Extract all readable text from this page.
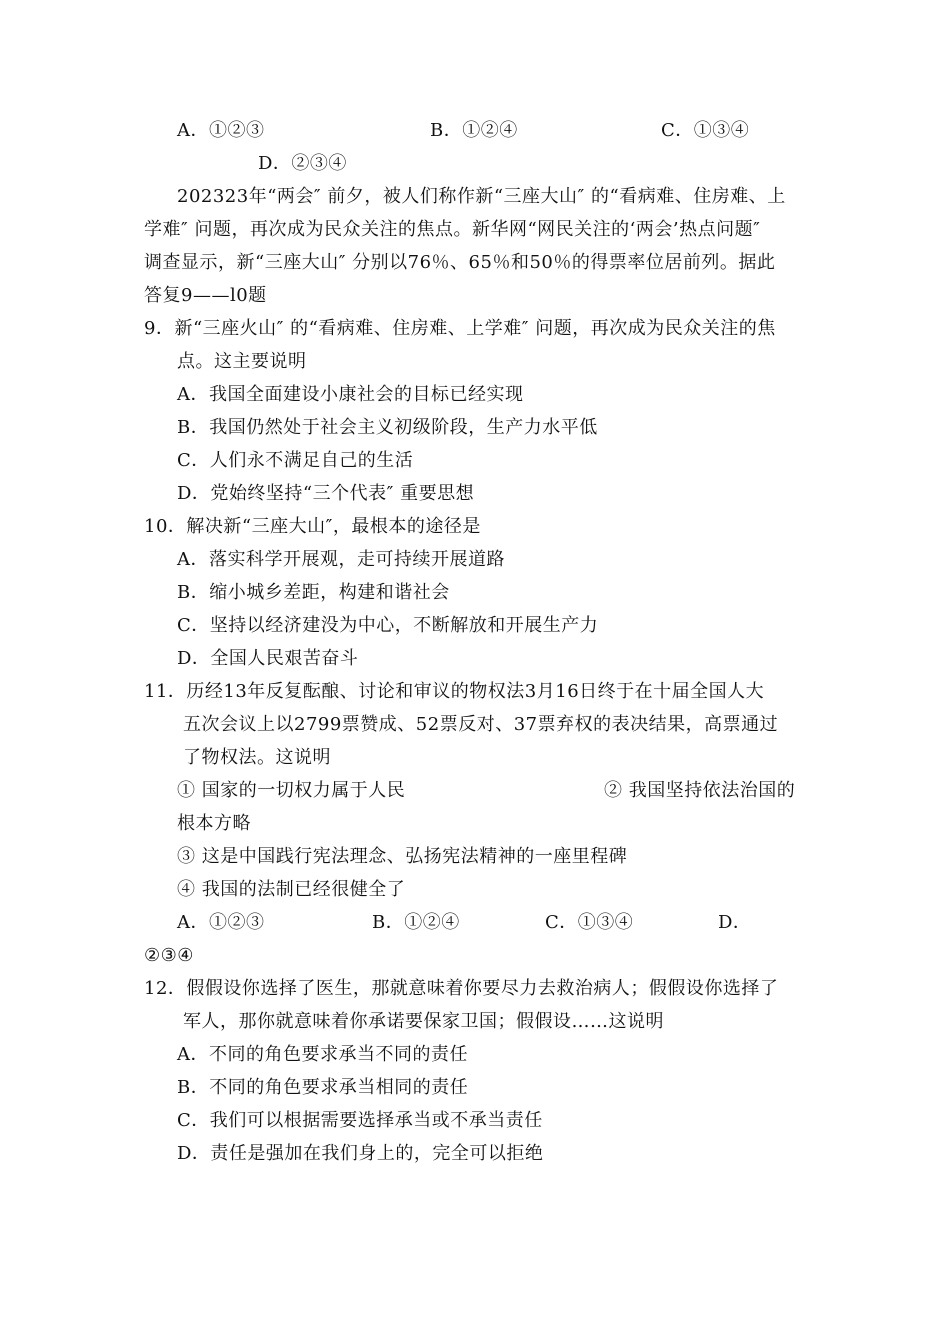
A．①②③	B．①②④	C．①③④
D．②③④
202323年“两会″ 前夕，被人们称作新“三座大山″ 的“看病难、住房难、上
学难″ 问题，再次成为民众关注的焦点。新华网“网民关注的‘两会’热点问题″
调查显示，新“三座大山″ 分别以76％、65％和50％的得票率位居前列。据此
答复9——l0题
9．新“三座火山″ 的“看病难、住房难、上学难″ 问题，再次成为民众关注的焦
点。这主要说明
A．我国全面建设小康社会的目标已经实现
B．我国仍然处于社会主义初级阶段，生产力水平低
C．人们永不满足自己的生活
D．党始终坚持“三个代表″ 重要思想
10．解决新“三座大山″，最根本的途径是
A．落实科学开展观，走可持续开展道路
B．缩小城乡差距，构建和谐社会
C．坚持以经济建没为中心，不断解放和开展生产力
D．全国人民艰苦奋斗
11．历经13年反复酝酿、讨论和审议的物权法3月16日终于在十届全国人大
五次会议上以2799票赞成、52票反对、37票弃权的表决结果，高票通过
了物权法。这说明
① 国家的一切权力属于人民	② 我国坚持依法治国的
根本方略
③ 这是中国践行宪法理念、弘扬宪法精神的一座里程碑
④ 我国的法制已经很健全了
A．①②③	B．①②④	C．①③④	D．
②③④
12．假假设你选择了医生，那就意味着你要尽力去救治病人；假假设你选择了
军人，那你就意味着你承诺要保家卫国；假假设……这说明
A．不同的角色要求承当不同的责任
B．不同的角色要求承当相同的责任
C．我们可以根据需要选择承当或不承当责任
D．责任是强加在我们身上的，完全可以拒绝
